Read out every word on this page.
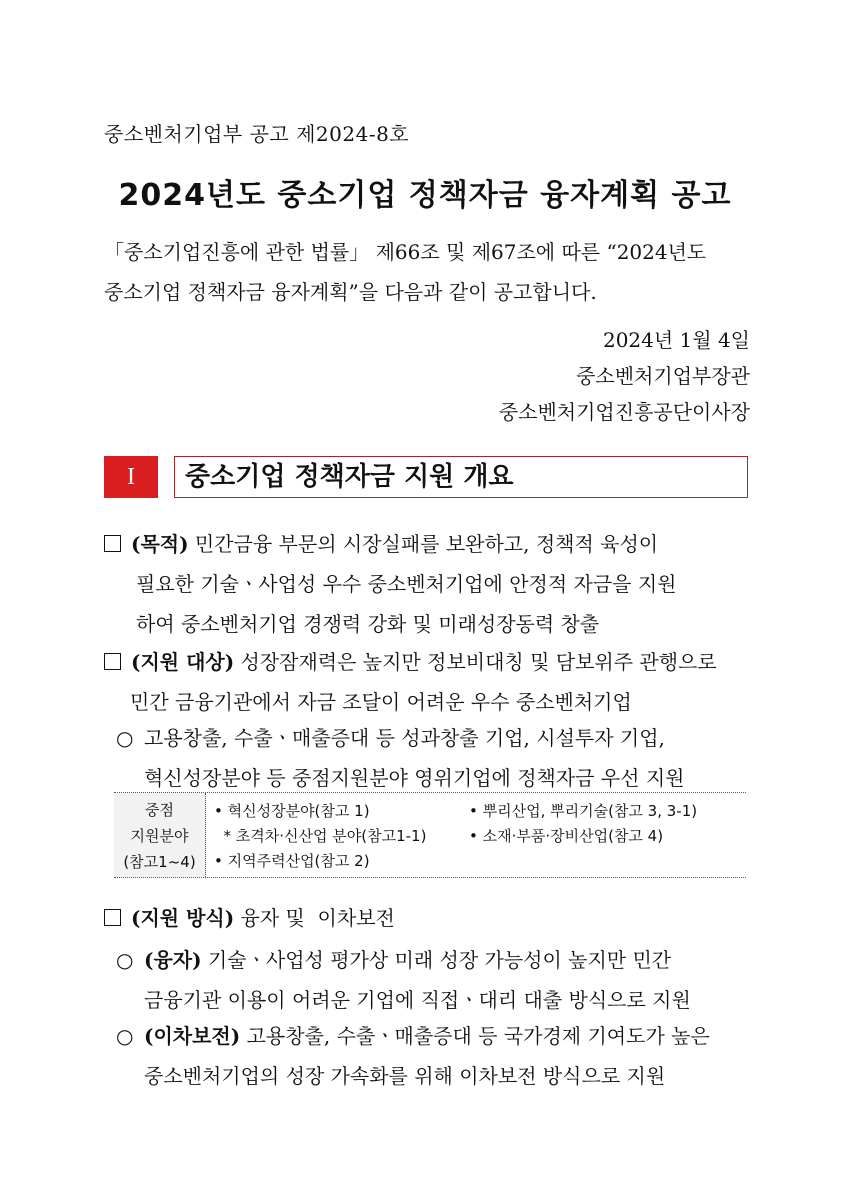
중소벤처기업부 공고 제2024-8호
2024년도 중소기업 정책자금 융자계획 공고
「중소기업진흥에 관한 법률」 제66조 및 제67조에 따른 “2024년도
중소기업 정책자금 융자계획”을 다음과 같이 공고합니다.
2024년 1월 4일
중소벤처기업부장관
중소벤처기업진흥공단이사장
I	중소기업 정책자금 지원 개요
(목적) 민간금융 부문의 시장실패를 보완하고, 정책적 육성이
필요한 기술ㆍ사업성 우수 중소벤처기업에 안정적 자금을 지원
하여 중소벤처기업 경쟁력 강화 및 미래성장동력 창출
(지원 대상) 성장잠재력은 높지만 정보비대칭 및 담보위주 관행으로
민간 금융기관에서 자금 조달이 어려운 우수 중소벤처기업
○ 고용창출, 수출ㆍ매출증대 등 성과창출 기업, 시설투자 기업,
혁신성장분야 등 중점지원분야 영위기업에 정책자금 우선 지원
중점
지원분야
(참고1~4)
• 혁신성장분야(참고 1)
* 초격차·신산업 분야(참고1-1)
• 지역주력산업(참고 2)
• 뿌리산업, 뿌리기술(참고 3, 3-1)
• 소재·부품·장비산업(참고 4)
(지원 방식) 융자 및  이차보전
○ (융자) 기술ㆍ사업성 평가상 미래 성장 가능성이 높지만 민간
금융기관 이용이 어려운 기업에 직접ㆍ대리 대출 방식으로 지원
○ (이차보전) 고용창출, 수출ㆍ매출증대 등 국가경제 기여도가 높은
중소벤처기업의 성장 가속화를 위해 이차보전 방식으로 지원
